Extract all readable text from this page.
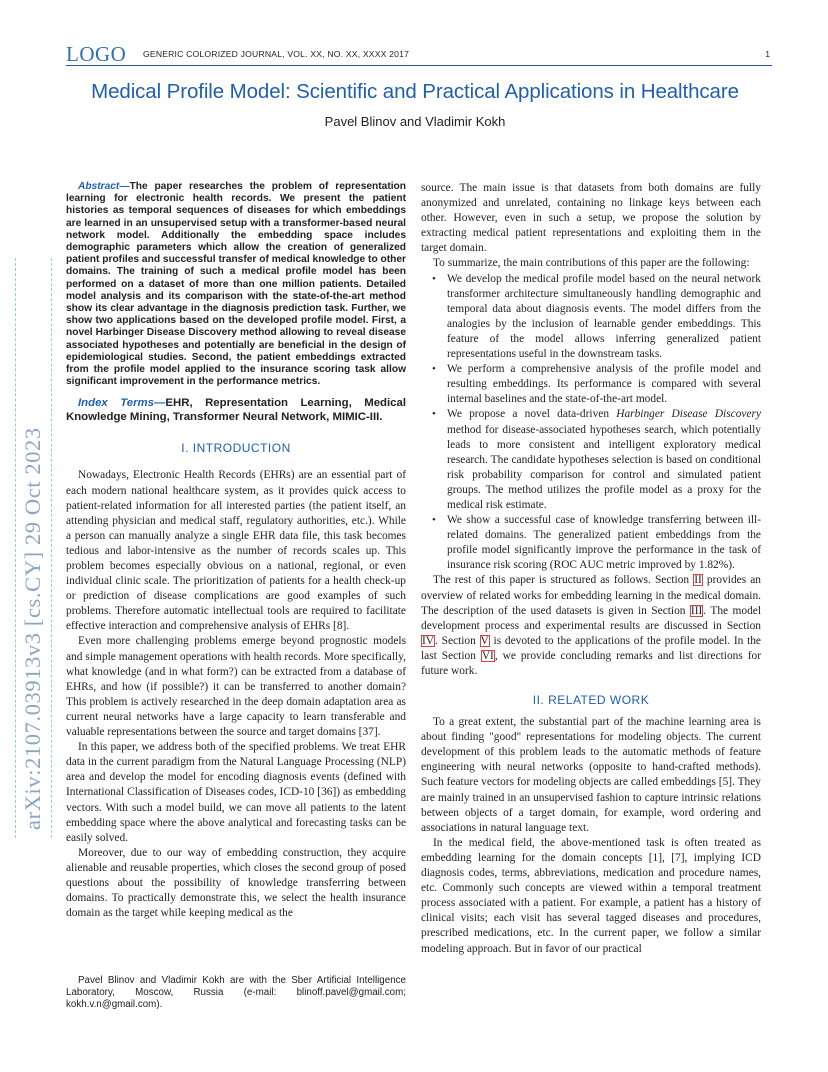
LOGO GENERIC COLORIZED JOURNAL, VOL. XX, NO. XX, XXXX 2017	1
Medical Profile Model: Scientific and Practical Applications in Healthcare
Pavel Blinov and Vladimir Kokh
arXiv:2107.03913v3 [cs.CY] 29 Oct 2023
Abstract—The paper researches the problem of representation learning for electronic health records. We present the patient histories as temporal sequences of diseases for which embeddings are learned in an unsupervised setup with a transformer-based neural network model. Additionally the embedding space includes demographic parameters which allow the creation of generalized patient profiles and successful transfer of medical knowledge to other domains. The training of such a medical profile model has been performed on a dataset of more than one million patients. Detailed model analysis and its comparison with the state-of-the-art method show its clear advantage in the diagnosis prediction task. Further, we show two applications based on the developed profile model. First, a novel Harbinger Disease Discovery method allowing to reveal disease associated hypotheses and potentially are beneficial in the design of epidemiological studies. Second, the patient embeddings extracted from the profile model applied to the insurance scoring task allow significant improvement in the performance metrics.
Index Terms—EHR, Representation Learning, Medical Knowledge Mining, Transformer Neural Network, MIMIC-III.
I. INTRODUCTION

Nowadays, Electronic Health Records (EHRs) are an essential part of each modern national healthcare system, as it provides quick access to patient-related information for all interested parties (the patient itself, an attending physician and medical staff, regulatory authorities, etc.). While a person can manually analyze a single EHR data file, this task becomes tedious and labor-intensive as the number of records scales up. This problem becomes especially obvious on a national, regional, or even individual clinic scale. The prioritization of patients for a health check-up or prediction of disease complications are good examples of such problems. Therefore automatic intellectual tools are required to facilitate effective interaction and comprehensive analysis of EHRs [8].

Even more challenging problems emerge beyond prognostic models and simple management operations with health records. More specifically, what knowledge (and in what form?) can be extracted from a database of EHRs, and how (if possible?) it can be transferred to another domain? This problem is actively researched in the deep domain adaptation area as current neural networks have a large capacity to learn transferable and valuable representations between the source and target domains [37].

In this paper, we address both of the specified problems. We treat EHR data in the current paradigm from the Natural Language Processing (NLP) area and develop the model for encoding diagnosis events (defined with International Classification of Diseases codes, ICD-10 [36]) as embedding vectors. With such a model build, we can move all patients to the latent embedding space where the above analytical and forecasting tasks can be easily solved.

Moreover, due to our way of embedding construction, they acquire alienable and reusable properties, which closes the second group of posed questions about the possibility of knowledge transferring between domains. To practically demonstrate this, we select the health insurance domain as the target while keeping medical as the

Pavel Blinov and Vladimir Kokh are with the Sber Artificial Intelligence Laboratory, Moscow, Russia (e-mail: blinoff.pavel@gmail.com; kokh.v.n@gmail.com).

source. The main issue is that datasets from both domains are fully anonymized and unrelated, containing no linkage keys between each other. However, even in such a setup, we propose the solution by extracting medical patient representations and exploiting them in the target domain.

To summarize, the main contributions of this paper are the following:

• We develop the medical profile model based on the neural network transformer architecture simultaneously handling demographic and temporal data about diagnosis events. The model differs from the analogies by the inclusion of learnable gender embeddings. This feature of the model allows inferring generalized patient representations useful in the downstream tasks.
• We perform a comprehensive analysis of the profile model and resulting embeddings. Its performance is compared with several internal baselines and the state-of-the-art model.
• We propose a novel data-driven Harbinger Disease Discovery method for disease-associated hypotheses search, which potentially leads to more consistent and intelligent exploratory medical research. The candidate hypotheses selection is based on conditional risk probability comparison for control and simulated patient groups. The method utilizes the profile model as a proxy for the medical risk estimate.
• We show a successful case of knowledge transferring between ill-related domains. The generalized patient embeddings from the profile model significantly improve the performance in the task of insurance risk scoring (ROC AUC metric improved by 1.82%).

The rest of this paper is structured as follows. Section II provides an overview of related works for embedding learning in the medical domain. The description of the used datasets is given in Section III. The model development process and experimental results are discussed in Section IV. Section V is devoted to the applications of the profile model. In the last Section VI, we provide concluding remarks and list directions for future work.

II. RELATED WORK

To a great extent, the substantial part of the machine learning area is about finding "good" representations for modeling objects. The current development of this problem leads to the automatic methods of feature engineering with neural networks (opposite to hand-crafted methods). Such feature vectors for modeling objects are called embeddings [5]. They are mainly trained in an unsupervised fashion to capture intrinsic relations between objects of a target domain, for example, word ordering and associations in natural language text.

In the medical field, the above-mentioned task is often treated as embedding learning for the domain concepts [1], [7], implying ICD diagnosis codes, terms, abbreviations, medication and procedure names, etc. Commonly such concepts are viewed within a temporal treatment process associated with a patient. For example, a patient has a history of clinical visits; each visit has several tagged diseases and procedures, prescribed medications, etc. In the current paper, we follow a similar modeling approach. But in favor of our practical
